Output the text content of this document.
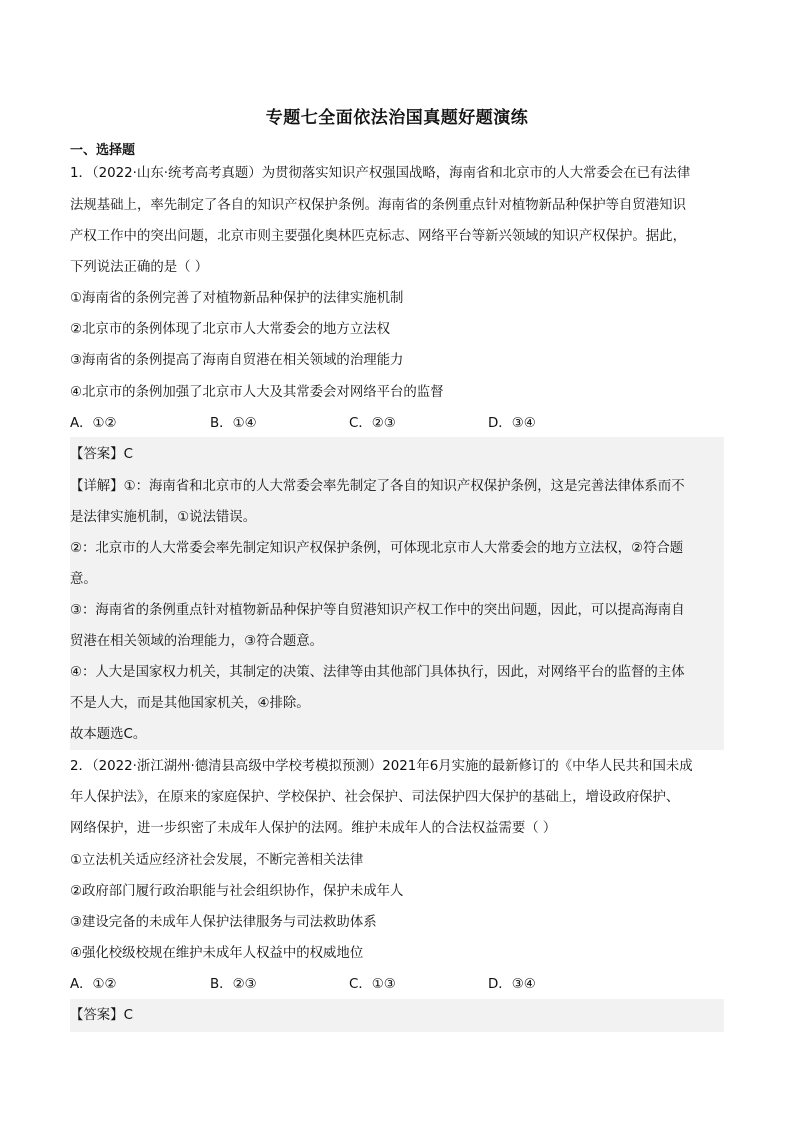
专题七全面依法治国真题好题演练
一、选择题
1．（2022·山东·统考高考真题）为贯彻落实知识产权强国战略，海南省和北京市的人大常委会在已有法律
法规基础上，率先制定了各自的知识产权保护条例。海南省的条例重点针对植物新品种保护等自贸港知识
产权工作中的突出问题，北京市则主要强化奥林匹克标志、网络平台等新兴领域的知识产权保护。据此，
下列说法正确的是（ ）
①海南省的条例完善了对植物新品种保护的法律实施机制
②北京市的条例体现了北京市人大常委会的地方立法权
③海南省的条例提高了海南自贸港在相关领域的治理能力
④北京市的条例加强了北京市人大及其常委会对网络平台的监督
A．①②	B．①④	C．②③	D．③④
【答案】C
【详解】①：海南省和北京市的人大常委会率先制定了各自的知识产权保护条例，这是完善法律体系而不
是法律实施机制，①说法错误。
②：北京市的人大常委会率先制定知识产权保护条例，可体现北京市人大常委会的地方立法权，②符合题
意。
③：海南省的条例重点针对植物新品种保护等自贸港知识产权工作中的突出问题，因此，可以提高海南自
贸港在相关领域的治理能力，③符合题意。
④：人大是国家权力机关，其制定的决策、法律等由其他部门具体执行，因此，对网络平台的监督的主体
不是人大，而是其他国家机关，④排除。
故本题选C。
2．（2022·浙江湖州·德清县高级中学校考模拟预测）2021年6月实施的最新修订的《中华人民共和国未成
年人保护法》，在原来的家庭保护、学校保护、社会保护、司法保护四大保护的基础上，增设政府保护、
网络保护，进一步织密了未成年人保护的法网。维护未成年人的合法权益需要（ ）
①立法机关适应经济社会发展，不断完善相关法律
②政府部门履行政治职能与社会组织协作，保护未成年人
③建设完备的未成年人保护法律服务与司法救助体系
④强化校级校规在维护未成年人权益中的权威地位
A．①②	B．②③	C．①③	D．③④
【答案】C
